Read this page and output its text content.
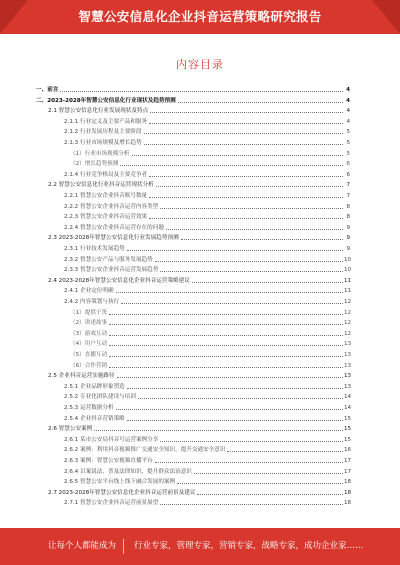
智慧公安信息化企业抖音运营策略研究报告
内容目录
一、前言	4
二、2023-2028年智慧公安信息化行业现状及趋势预测	4
2.1 智慧公安信息化行业发展现状及特点	4
2.1.1 行业定义及主要产品和服务	4
2.1.2 行业发展历程及主要阶段	5
2.1.3 行业市场规模及增长趋势	5
（1）行业市场规模分析	5
（2）增长趋势预测	6
2.1.4 行业竞争格局及主要竞争者	6
2.2 智慧公安信息化行业抖音运营现状分析	7
2.2.1 智慧公安企业抖音账号数量	7
2.2.2 智慧公安企业抖音运营内容类型	8
2.2.3 智慧公安企业抖音运营效果	8
2.2.4 智慧公安企业抖音运营存在的问题	9
2.3 2023-2028年智慧公安信息化行业发展趋势预测	9
2.3.1 行业技术发展趋势	9
2.3.2 智慧公安产品与服务发展趋势	10
2.3.3 智慧公安企业抖音运营发展趋势	10
2.4 2023-2028年智慧公安信息化企业抖音运营策略建议	11
2.4.1 企业定位明确	11
2.4.2 内容策划与执行	12
（1）提供干货	12
（2）讲述故事	12
（3）游戏互动	12
（4）用户互动	13
（5）直播互动	13
（6）合作营销	13
2.5 企业抖音运营实施路径	13
2.5.1 企业品牌形象塑造	13
2.5.2 专业化团队建设与培训	14
2.5.3 运营数据分析	14
2.5.4 企业抖音营销策略	15
2.6 智慧公安案例	15
2.6.1 某市公安局抖音号运营案例分享	15
2.6.2 案例：利用抖音视频推广交通安全知识，提升交通安全意识	16
2.6.3 案例：智慧公安视频直播平台	17
2.6.4 以案说法，普及法律知识，提升群众法治意识	17
2.6.5 智慧公安平台线上线下融合发展的案例	18
2.7 2023-2028年智慧公安信息化企业抖音运营前景及建议	18
2.7.1 智慧公安企业抖音运营前景展望	18
让每个人都能成为 行业专家，管理专家，营销专家，战略专家，成功企业家……
